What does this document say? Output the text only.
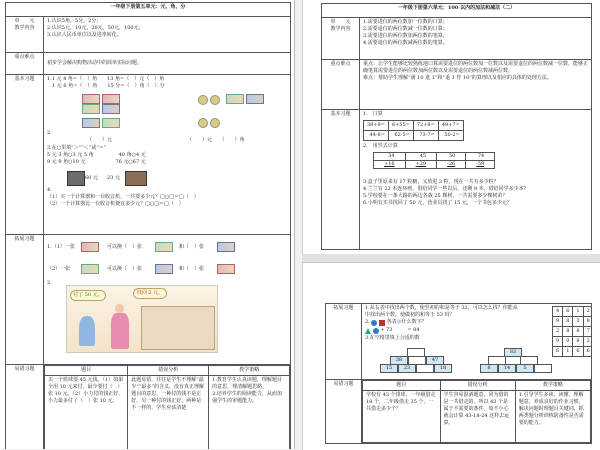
一年级下册第五单元：元、角、分
单　　元
教学内容	
1.认识5角，5分，2分；
2.认识5元，10元，20元，50元，100元；
3.认识人民币单位以及进率转化。

重点难点	初步学会解决购物活动中的简单实际问题。
基本习题	1.1 元 4 角=（　）角　　13 角=（　）元（　）角
　1 元 6 角=（　）角　　15 分=（　）角（　）分
2.
（　　）元	（　　）元　　（　　）角
3.在○里填“＞”“＜”或“＝”
5 元 3 角○3 元 5 角　　　　　40 角○4 元
9 元 9 角○10 元　　　　　　76 元○67 元
60 元 23 元
4.
（1）买一个计算器和一台收音机，一共要多少元？□○□＝□（　）
（2）一个计算器比一台收音机便宜多少元？□○□＝□（　）

拓展习题	
1.（1）一张	可以换（　）张	和（　）张
（2）一张	可以换（　）张	和（　）张
2.
付了 50 元。	找回 2 元。

易错习题		题目	错误分析	教学策略
买一个篮球要 45 元钱。（1）如果全用 10 元来付，最少要付（　）张 10 元。（2）小力付的钱正好，小力最多付了（　）张 10 元。	此题易错，往往是学生不理解“最少”“最多”的含义，没有真正理解题目的意思，一种付的钱不是正好，另一种付的钱正好，两种是不一样的，学生应该清楚	1.教育学生认真读题，理解题目的意思，理清解题思路。
2.培养学生的阅读能力，从而加强学生的审题能力。
一年级下册第六单元：100 以内的加法和减法（二）
单　　元
教学内容	
1.需要进位的两位数加一位数的口算；
2.需要退位的两位数减一位数的口算；
3.需要进位的两位数加两位数的笔算；
4.需要退位的两位数减两位数的笔算。

重点难点	重点：让学生能够比较熟练地口算需要进位的两位数加一位数以及需要退位的两位数减一位数，能够正确笔算需要进位的两位数加两位数以及需要退位的两位数减两位数。
难点：帮助学生理解“满 10 进 1”和“退 1 作 10”的算理以及相应的具体的处理方法。

基本习题	1.　口算
38+9=	6+55=	72+8=	49+7=
44-8=	62-5=	73-7=	50-2=
2.　用竖式计算
34	45	50	74
+16	+29	-26	-59
3.盒子里原来有 17 粒糖，又放进 3 粒，现在一共有多少粒？
4.兰兰有 22 本连环画，借给同学一些以后，还剩 9 本，借给同学多少本？
5.学校要在一条大路的两边各栽 25 棵树，一共需要多少棵树苗？
6.小明有买书找回了 50 元，营业员找了 15 元，一个书包多少元？
拓展习题	1.从右表中找出两个数，使竖初的和是等于 32，可以怎么找？你能从中找出两个数，使做初的和等于 53 吗？
2.	各表示什么数字？
+ 73　　　= 84
3.在空格里填上合适的数
4	6	1	2
9	8	3	8
2	8	8	7
9	0	8	2
6	1	6	6
38	47
15	23	18
83
8	14	5

易错习题		题目	错误分析	教学策略
学校有 43 个排球，一年级借走 18 个，二年级借走 25 个，一共借走多少个？	学生容易混淆题意，同为借的是一共借走的，所以 43 个是属于不需要的条件，如不小心就会计算 43-18-24 这样去运算。	1.引导学生多读、读懂、理解题意，养成良好的作业习惯，解决问题时理题目关键词，抓两类题分析训练防备性是否需要的能力。
